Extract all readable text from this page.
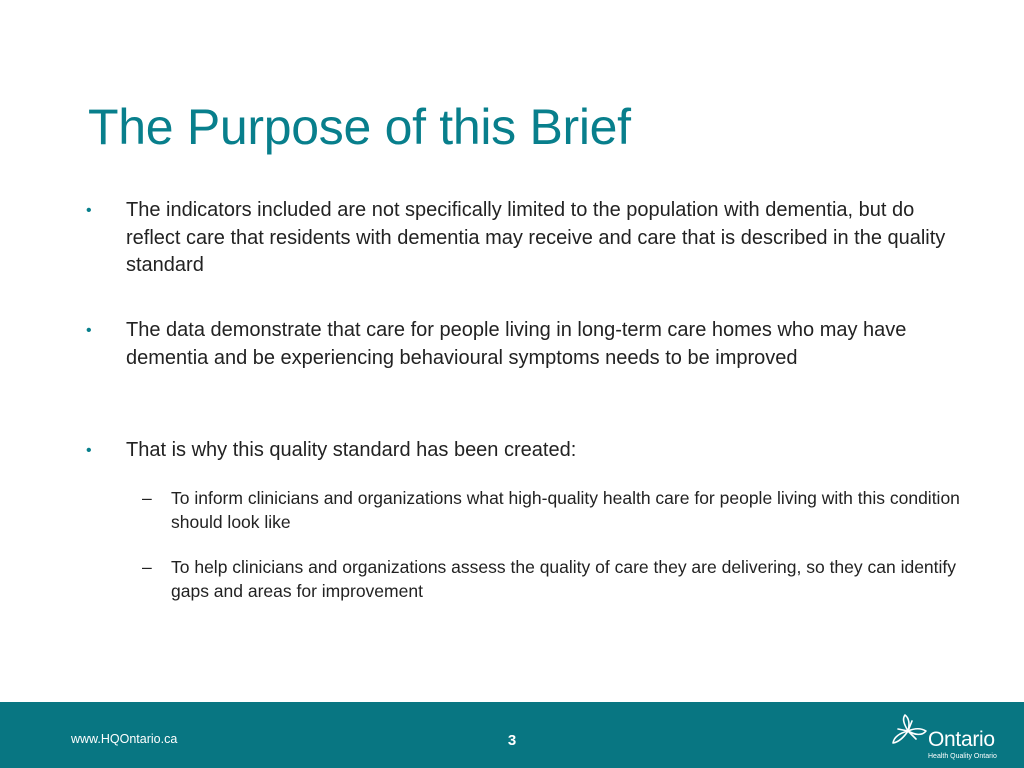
The Purpose of this Brief
• The indicators included are not specifically limited to the population with dementia, but do reflect care that residents with dementia may receive and care that is described in the quality standard
• The data demonstrate that care for people living in long-term care homes who may have dementia and be experiencing behavioural symptoms needs to be improved
• That is why this quality standard has been created:
– To inform clinicians and organizations what high-quality health care for people living with this condition should look like
– To help clinicians and organizations assess the quality of care they are delivering, so they can identify gaps and areas for improvement
www.HQOntario.ca	3	Ontario
Health Quality Ontario
